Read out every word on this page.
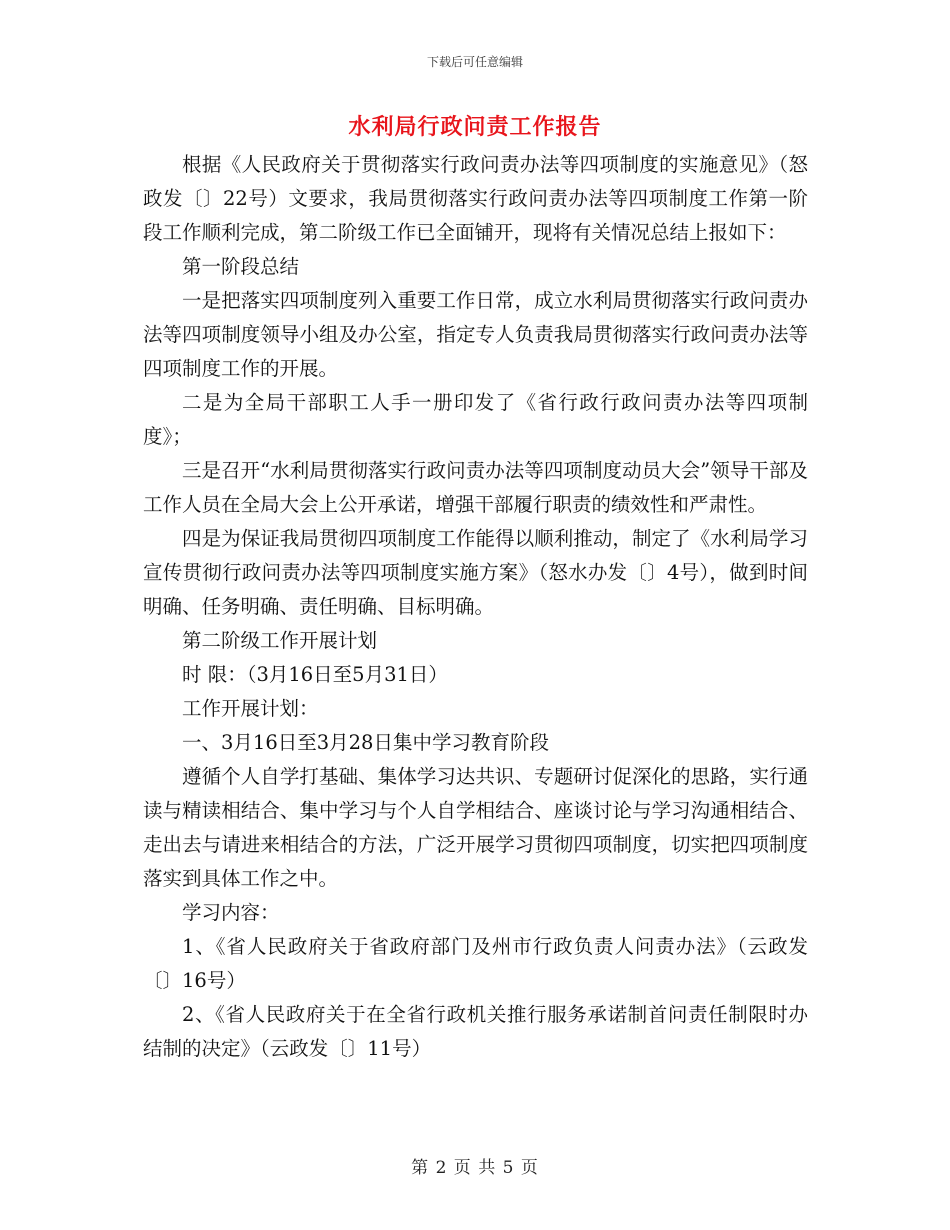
下载后可任意编辑
水利局行政问责工作报告

根据《人民政府关于贯彻落实行政问责办法等四项制度的实施意见》（怒政发〔〕22号）文要求，我局贯彻落实行政问责办法等四项制度工作第一阶段工作顺利完成，第二阶级工作已全面铺开，现将有关情况总结上报如下：

第一阶段总结

一是把落实四项制度列入重要工作日常，成立水利局贯彻落实行政问责办法等四项制度领导小组及办公室，指定专人负责我局贯彻落实行政问责办法等四项制度工作的开展。

二是为全局干部职工人手一册印发了《省行政行政问责办法等四项制度》；

三是召开“水利局贯彻落实行政问责办法等四项制度动员大会”领导干部及工作人员在全局大会上公开承诺，增强干部履行职责的绩效性和严肃性。

四是为保证我局贯彻四项制度工作能得以顺利推动，制定了《水利局学习宣传贯彻行政问责办法等四项制度实施方案》（怒水办发〔〕4号），做到时间明确、任务明确、责任明确、目标明确。

第二阶级工作开展计划

时 限：（3月16日至5月31日）

工作开展计划：

一、3月16日至3月28日集中学习教育阶段

遵循个人自学打基础、集体学习达共识、专题研讨促深化的思路，实行通读与精读相结合、集中学习与个人自学相结合、座谈讨论与学习沟通相结合、走出去与请进来相结合的方法，广泛开展学习贯彻四项制度，切实把四项制度落实到具体工作之中。

学习内容：

1、《省人民政府关于省政府部门及州市行政负责人问责办法》（云政发〔〕16号）

2、《省人民政府关于在全省行政机关推行服务承诺制首问责任制限时办结制的决定》（云政发〔〕11号）

第 2 页 共 5 页
